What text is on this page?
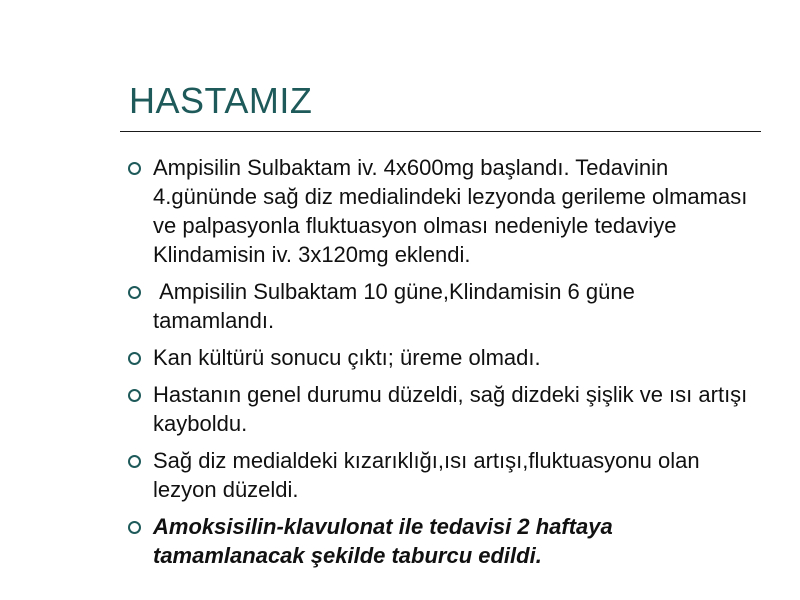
HASTAMIZ
Ampisilin Sulbaktam iv. 4x600mg başlandı. Tedavinin 4.gününde sağ diz medialindeki lezyonda gerileme olmaması ve palpasyonla fluktuasyon olması nedeniyle tedaviye Klindamisin iv. 3x120mg eklendi.
Ampisilin Sulbaktam 10 güne,Klindamisin 6 güne tamamlandı.
Kan kültürü sonucu çıktı; üreme olmadı.
Hastanın genel durumu düzeldi, sağ dizdeki şişlik ve ısı artışı kayboldu.
Sağ diz medialdeki kızarıklığı,ısı artışı,fluktuasyonu olan lezyon düzeldi.
Amoksisilin-klavulonat ile tedavisi 2 haftaya tamamlanacak şekilde taburcu edildi.
